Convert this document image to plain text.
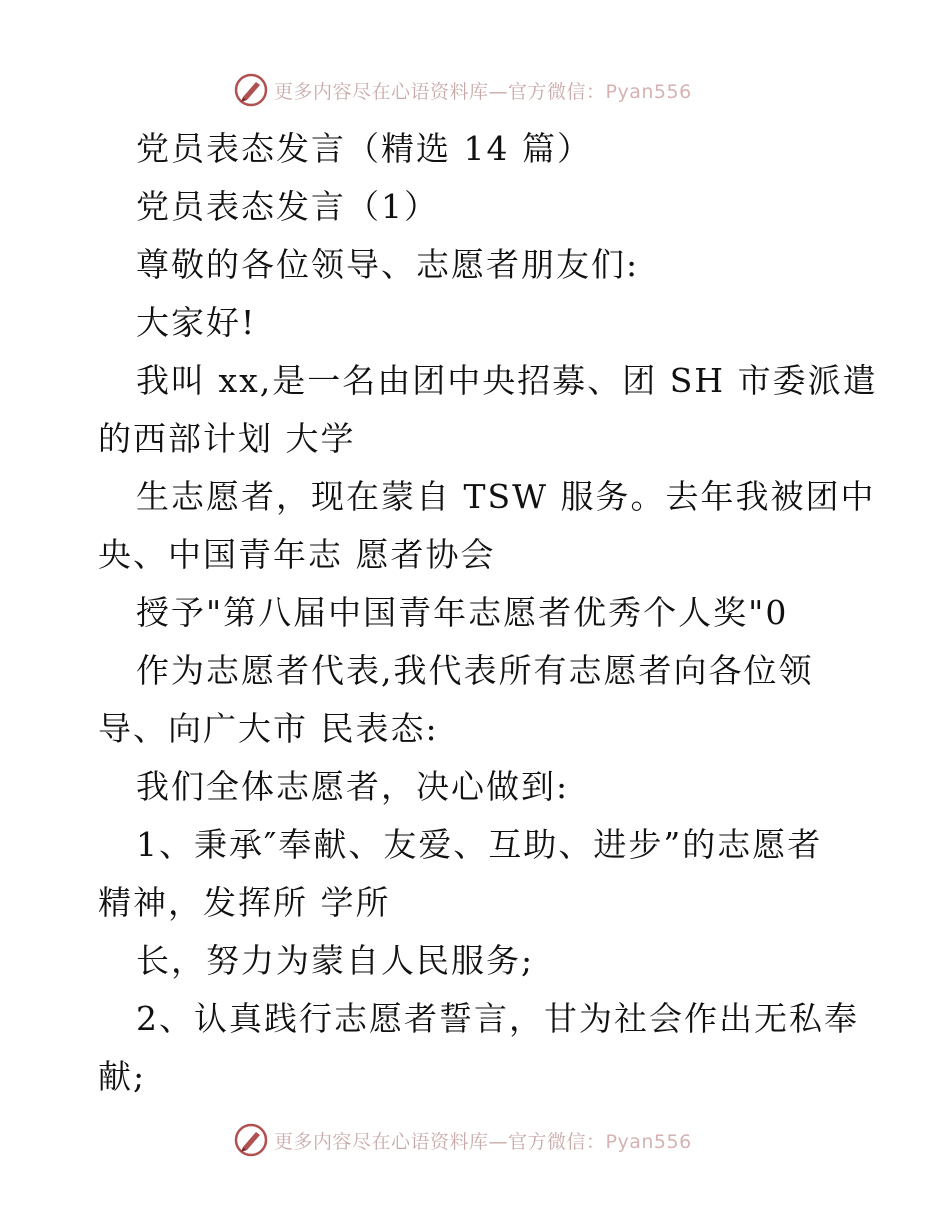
更多内容尽在心语资料库—官方微信：Pyan556

党员表态发言（精选 14 篇）

党员表态发言（1）

尊敬的各位领导、志愿者朋友们:

大家好!

我叫 xx,是一名由团中央招募、团 SH 市委派遣

的西部计划 大学

生志愿者，现在蒙自 TSW 服务。去年我被团中

央、中国青年志 愿者协会

授予"第八届中国青年志愿者优秀个人奖"0

作为志愿者代表,我代表所有志愿者向各位领

导、向广大市 民表态:

我们全体志愿者，决心做到:

1、秉承″奉献、友爱、互助、进步”的志愿者

精神，发挥所 学所

长，努力为蒙自人民服务;

2、认真践行志愿者誓言，甘为社会作出无私奉

献;

更多内容尽在心语资料库—官方微信：Pyan556
